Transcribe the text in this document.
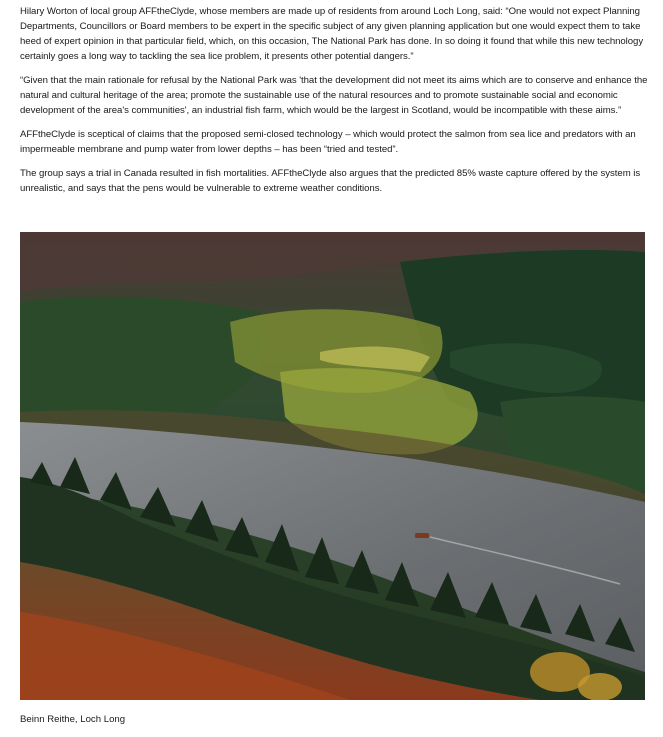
Hilary Worton of local group AFFtheClyde, whose members are made up of residents from around Loch Long, said: “One would not expect Planning Departments, Councillors or Board members to be expert in the specific subject of any given planning application but one would expect them to take heed of expert opinion in that particular field, which, on this occasion, The National Park has done. In so doing it found that while this new technology certainly goes a long way to tackling the sea lice problem, it presents other potential dangers.”

“Given that the main rationale for refusal by the National Park was 'that the development did not meet its aims which are to conserve and enhance the natural and cultural heritage of the area; promote the sustainable use of the natural resources and to promote sustainable social and economic development of the area's communities', an industrial fish farm, which would be the largest in Scotland, would be incompatible with these aims.”

AFFtheClyde is sceptical of claims that the proposed semi-closed technology – which would protect the salmon from sea lice and predators with an impermeable membrane and pump water from lower depths – has been “tried and tested”.

The group says a trial in Canada resulted in fish mortalities. AFFtheClyde also argues that the predicted 85% waste capture offered by the system is unrealistic, and says that the pens would be vulnerable to extreme weather conditions.

Beinn Reithe, Loch Long
